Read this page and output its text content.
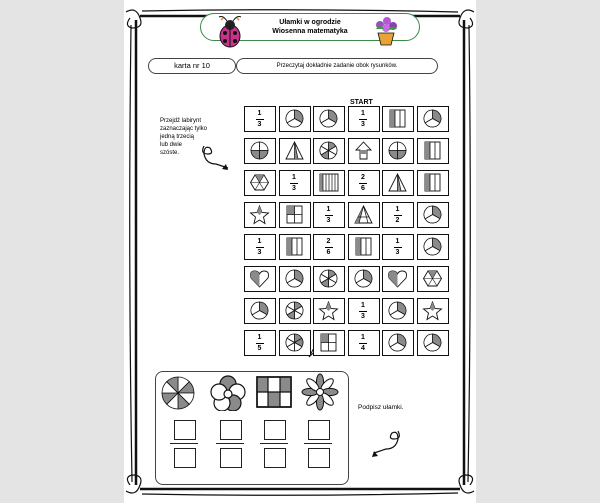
Ułamki w ogrodzie
Wiosenna matematyka
karta nr 10	Przeczytaj dokładnie zadanie obok rysunków.
Przejdź labirynt
zaznaczając tylko
jedną trzecią
lub dwie
szóste.
START
1
3
1
3
1
3
2
6
1
3
1
2
1
3
2
6
1
3
1
3
1
5
1
4
Podpisz ułamki.
